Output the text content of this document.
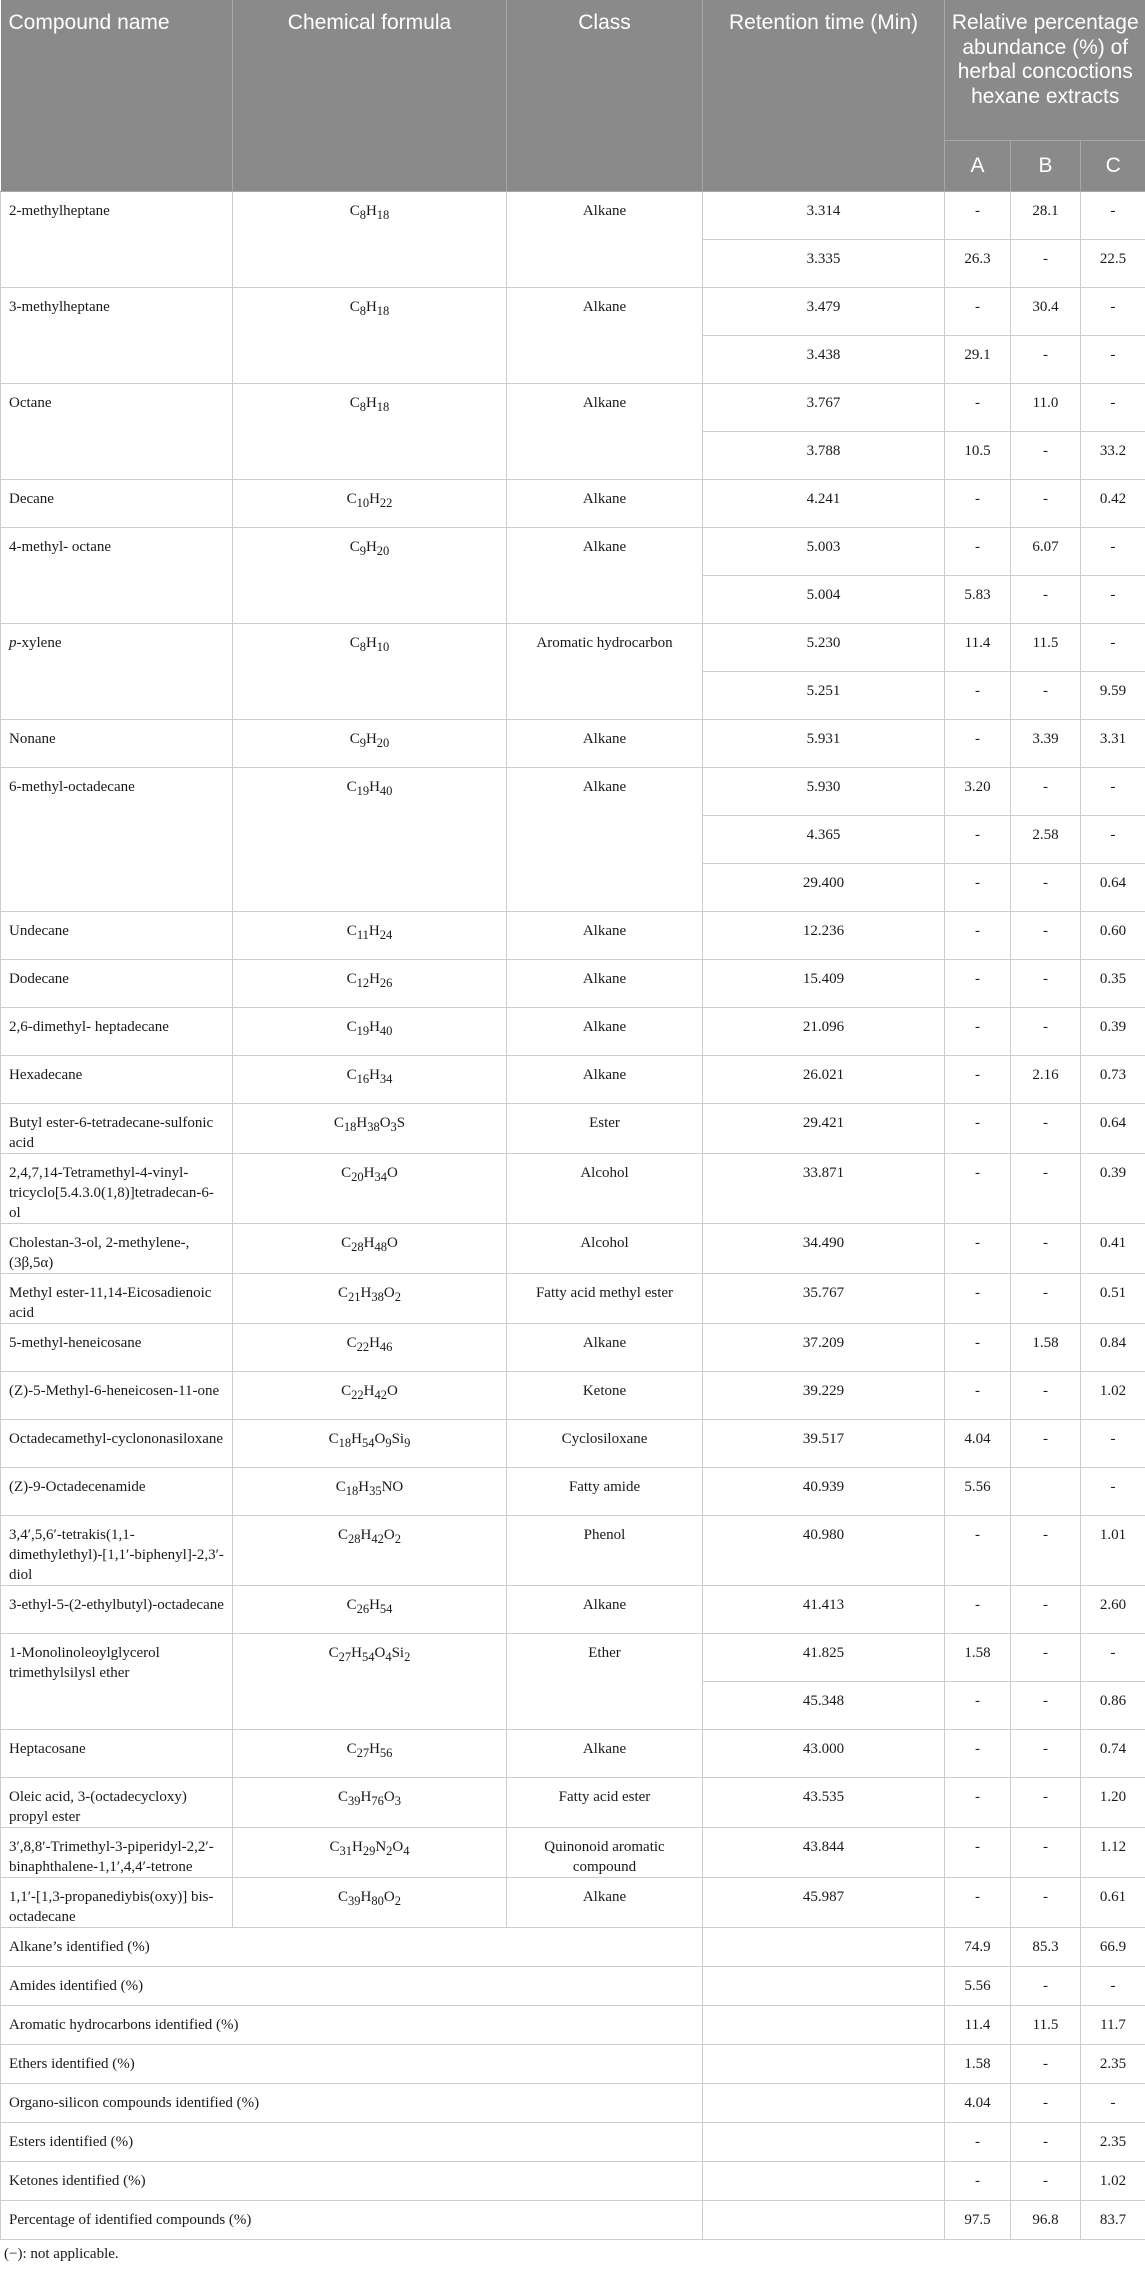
Compound name	Chemical formula	Class	Retention time (Min)	Relative percentage abundance (%) of herbal concoctions hexane extracts		
				A	B	C
2-methylheptane	$C_8H_{18}$	Alkane	3.314	-	28.1	-
			3.335	26.3	-	22.5
3-methylheptane	$C_8H_{18}$	Alkane	3.479	-	30.4	-
			3.438	29.1	-	-
Octane	$C_8H_{18}$	Alkane	3.767	-	11.0	-
			3.788	10.5	-	33.2
Decane	$C_{10}H_{22}$	Alkane	4.241	-	-	0.42
4-methyl- octane	$C_9H_{20}$	Alkane	5.003	-	6.07	-
			5.004	5.83	-	-
p-xylene	$C_8H_{10}$	Aromatic hydrocarbon	5.230	11.4	11.5	-
			5.251	-	-	9.59
Nonane	$C_9H_{20}$	Alkane	5.931	-	3.39	3.31
6-methyl-octadecane	$C_{19}H_{40}$	Alkane	5.930	3.20	-	-
			4.365	-	2.58	-
			29.400	-	-	0.64
Undecane	$C_{11}H_{24}$	Alkane	12.236	-	-	0.60
Dodecane	$C_{12}H_{26}$	Alkane	15.409	-	-	0.35
2,6-dimethyl- heptadecane	$C_{19}H_{40}$	Alkane	21.096	-	-	0.39
Hexadecane	$C_{16}H_{34}$	Alkane	26.021	-	2.16	0.73
Butyl ester-6-tetradecane-sulfonic acid	$C_{18}H_{38}O_3S$	Ester	29.421	-	-	0.64
2,4,7,14-Tetramethyl-4-vinyl-tricyclo[5.4.3.0(1,8)]tetradecan-6-ol	$C_{20}H_{34}O$	Alcohol	33.871	-	-	0.39
Cholestan-3-ol, 2-methylene-, (3β,5α)	$C_{28}H_{48}O$	Alcohol	34.490	-	-	0.41
Methyl ester-11,14-Eicosadienoic acid	$C_{21}H_{38}O_2$	Fatty acid methyl ester	35.767	-	-	0.51
5-methyl-heneicosane	$C_{22}H_{46}$	Alkane	37.209	-	1.58	0.84
(Z)-5-Methyl-6-heneicosen-11-one	$C_{22}H_{42}O$	Ketone	39.229	-	-	1.02
Octadecamethyl-cyclononasiloxane	$C_{18}H_{54}O_9Si_9$	Cyclosiloxane	39.517	4.04	-	-
(Z)-9-Octadecenamide	$C_{18}H_{35}NO$	Fatty amide	40.939	5.56		-
3,4′,5,6′-tetrakis(1,1-dimethylethyl)-[1,1′-biphenyl]-2,3′-diol	$C_{28}H_{42}O_2$	Phenol	40.980	-	-	1.01
3-ethyl-5-(2-ethylbutyl)-octadecane	$C_{26}H_{54}$	Alkane	41.413	-	-	2.60
1-Monolinoleoylglycerol trimethylsilysl ether	$C_{27}H_{54}O_4Si_2$	Ether	41.825	1.58	-	-
			45.348	-	-	0.86
Heptacosane	$C_{27}H_{56}$	Alkane	43.000	-	-	0.74
Oleic acid, 3-(octadecycloxy) propyl ester	$C_{39}H_{76}O_3$	Fatty acid ester	43.535	-	-	1.20
3′,8,8′-Trimethyl-3-piperidyl-2,2′-binaphthalene-1,1′,4,4′-tetrone	$C_{31}H_{29}N_2O_4$	Quinonoid aromatic compound	43.844	-	-	1.12
1,1′-[1,3-propanediybis(oxy)] bis-octadecane	$C_{39}H_{80}O_2$	Alkane	45.987	-	-	0.61
Alkane’s identified (%)				74.9	85.3	66.9
Amides identified (%)				5.56	-	-
Aromatic hydrocarbons identified (%)				11.4	11.5	11.7
Ethers identified (%)				1.58	-	2.35
Organo-silicon compounds identified (%)				4.04	-	-
Esters identified (%)				-	-	2.35
Ketones identified (%)				-	-	1.02
Percentage of identified compounds (%)				97.5	96.8	83.7
(−): not applicable.
